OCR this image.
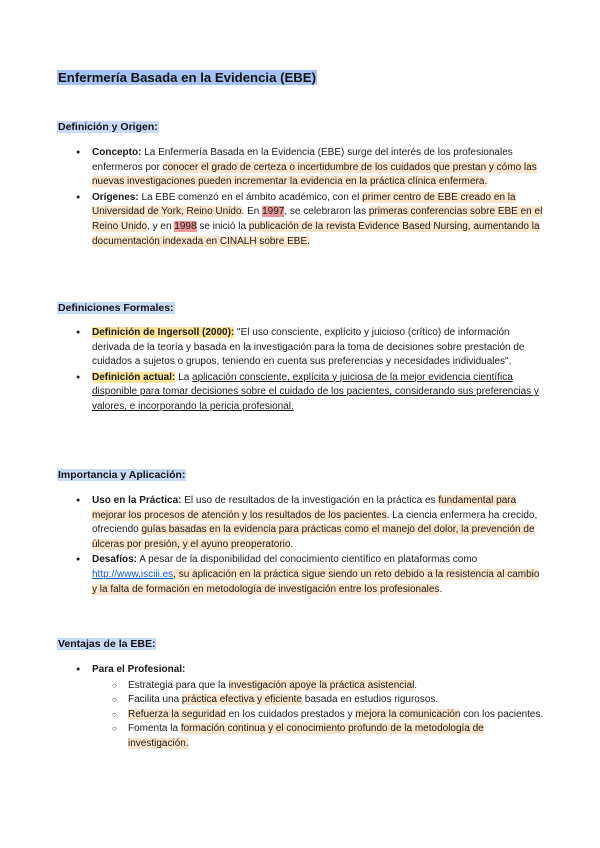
Enfermería Basada en la Evidencia (EBE)
Definición y Origen:
● Concepto: La Enfermería Basada en la Evidencia (EBE) surge del interés de los profesionales enfermeros por conocer el grado de certeza o incertidumbre de los cuidados que prestan y cómo las nuevas investigaciones pueden incrementar la evidencia en la práctica clínica enfermera.
● Orígenes: La EBE comenzó en el ámbito académico, con el primer centro de EBE creado en la Universidad de York, Reino Unido. En 1997, se celebraron las primeras conferencias sobre EBE en el Reino Unido, y en 1998 se inició la publicación de la revista Evidence Based Nursing, aumentando la documentación indexada en CINALH sobre EBE.
Definiciones Formales:
● Definición de Ingersoll (2000): "El uso consciente, explícito y juicioso (crítico) de información derivada de la teoría y basada en la investigación para la toma de decisiones sobre prestación de cuidados a sujetos o grupos, teniendo en cuenta sus preferencias y necesidades individuales".
● Definición actual: La aplicación consciente, explícita y juiciosa de la mejor evidencia científica disponible para tomar decisiones sobre el cuidado de los pacientes, considerando sus preferencias y valores, e incorporando la pericia profesional.
Importancia y Aplicación:
● Uso en la Práctica: El uso de resultados de la investigación en la práctica es fundamental para mejorar los procesos de atención y los resultados de los pacientes. La ciencia enfermera ha crecido, ofreciendo guías basadas en la evidencia para prácticas como el manejo del dolor, la prevención de úlceras por presión, y el ayuno preoperatorio.
● Desafíos: A pesar de la disponibilidad del conocimiento científico en plataformas como http://www.isciii.es, su aplicación en la práctica sigue siendo un reto debido a la resistencia al cambio y la falta de formación en metodología de investigación entre los profesionales.
Ventajas de la EBE:
● Para el Profesional:
○ Estrategia para que la investigación apoye la práctica asistencial.
○ Facilita una práctica efectiva y eficiente basada en estudios rigurosos.
○ Refuerza la seguridad en los cuidados prestados y mejora la comunicación con los pacientes.
○ Fomenta la formación continua y el conocimiento profundo de la metodología de investigación.
